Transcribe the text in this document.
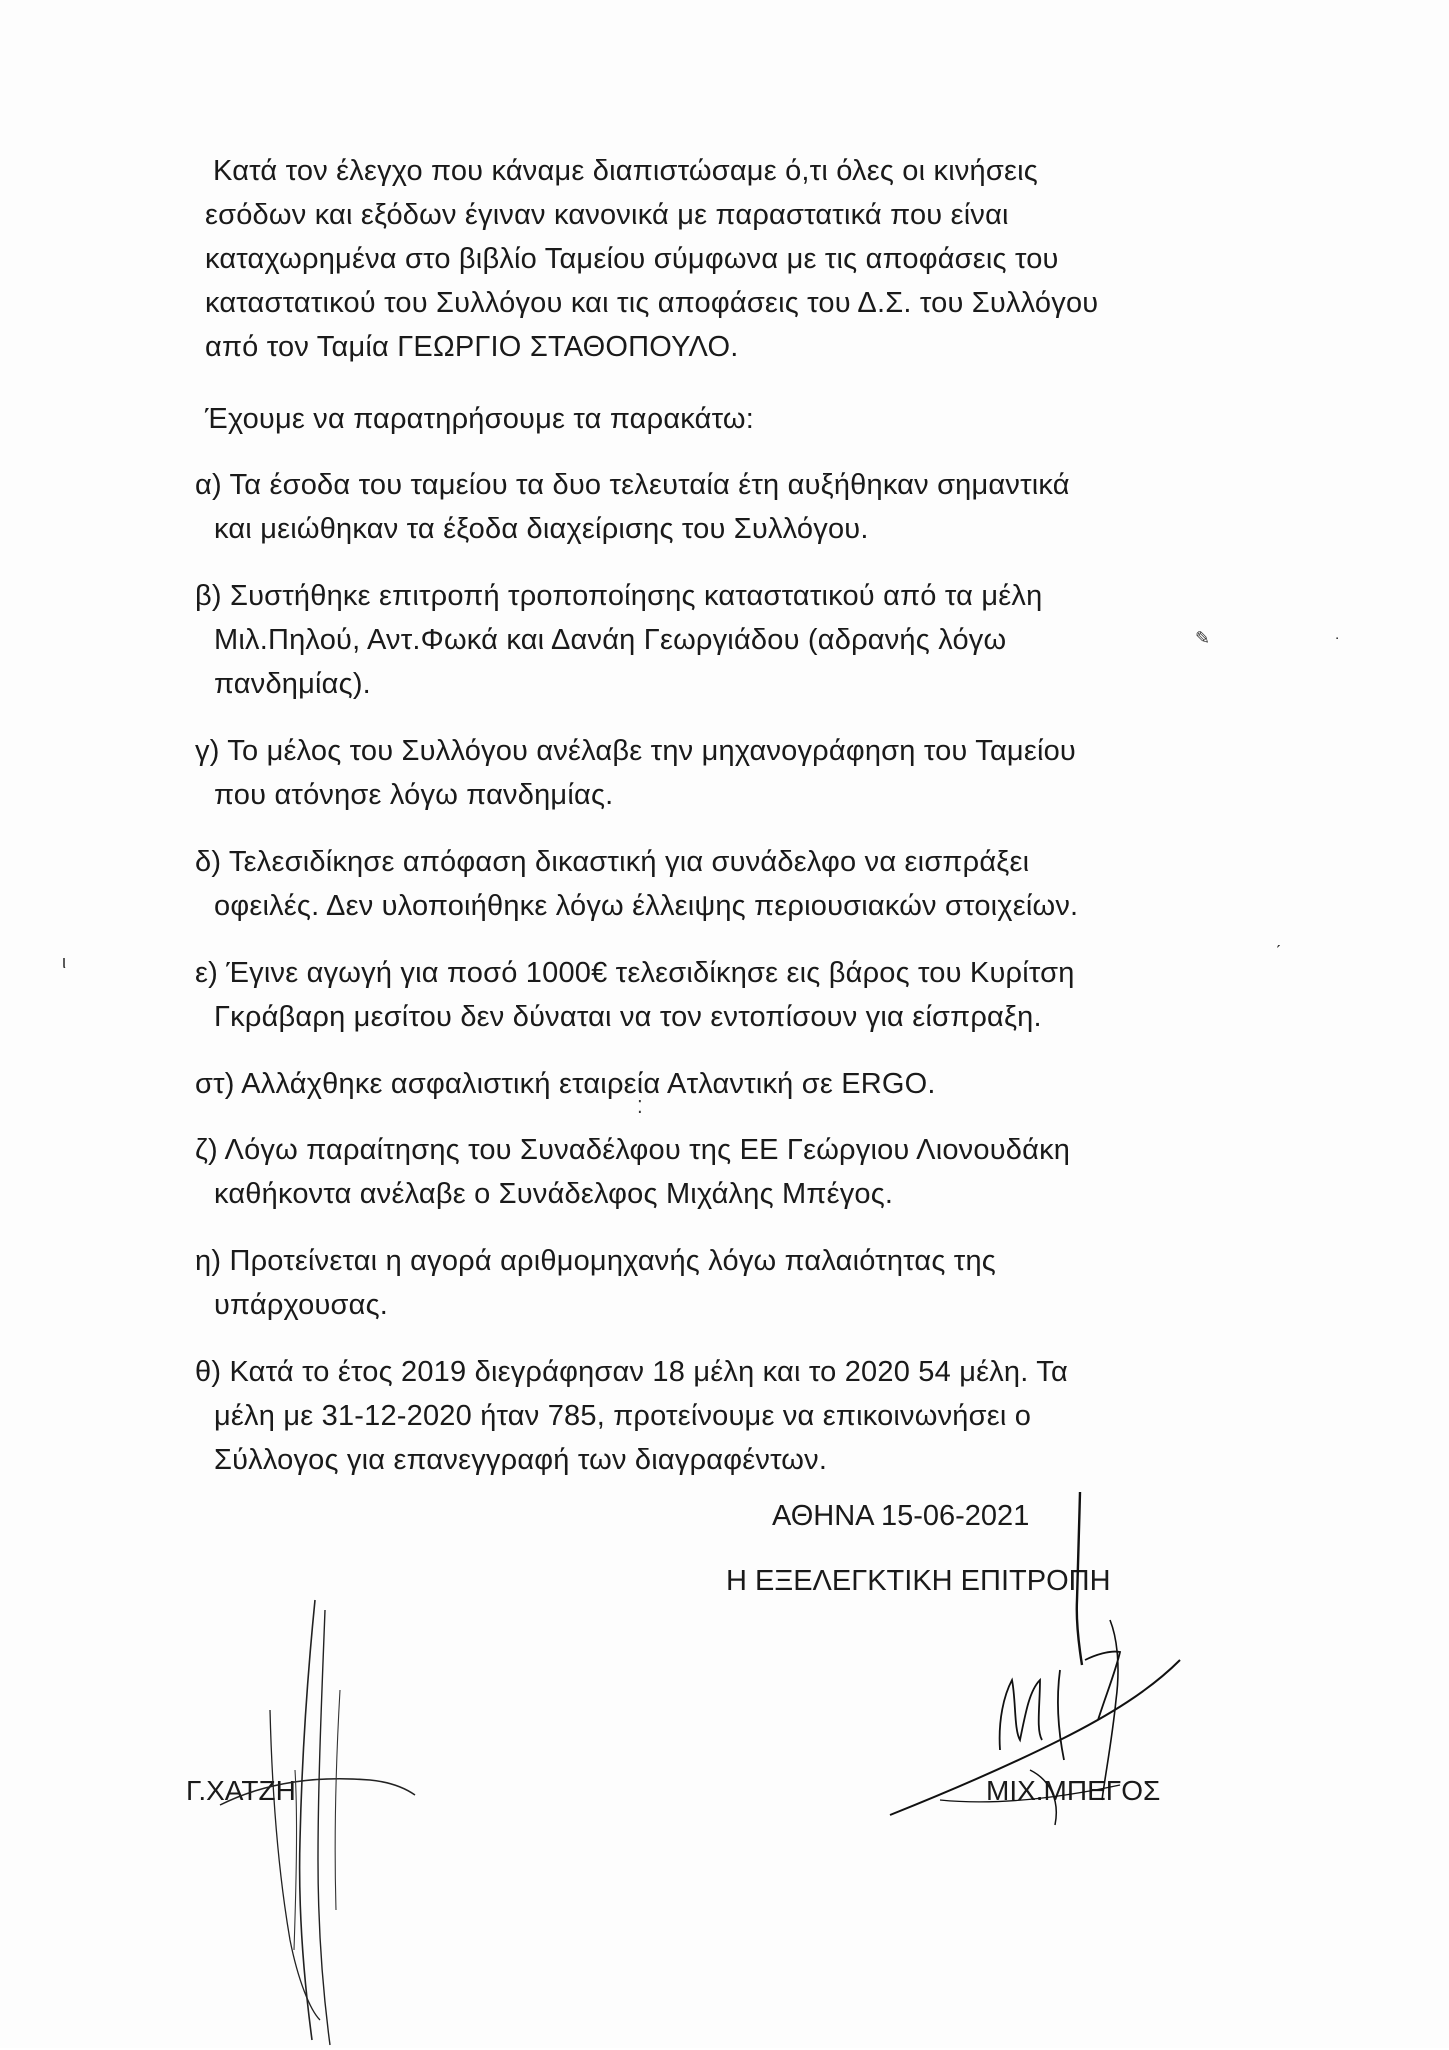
Κατά τον έλεγχο που κάναμε διαπιστώσαμε ό,τι όλες οι κινήσεις
εσόδων και εξόδων έγιναν κανονικά με παραστατικά που είναι
καταχωρημένα στο βιβλίο Ταμείου σύμφωνα με τις αποφάσεις του
καταστατικού του Συλλόγου και τις αποφάσεις του Δ.Σ. του Συλλόγου
από τον Ταμία ΓΕΩΡΓΙΟ ΣΤΑΘΟΠΟΥΛΟ.

Έχουμε να παρατηρήσουμε τα παρακάτω:

α) Τα έσοδα του ταμείου τα δυο τελευταία έτη αυξήθηκαν σημαντικά
και μειώθηκαν τα έξοδα διαχείρισης του Συλλόγου.

β) Συστήθηκε επιτροπή τροποποίησης καταστατικού από τα μέλη
Μιλ.Πηλού, Αντ.Φωκά και Δανάη Γεωργιάδου (αδρανής λόγω
πανδημίας).

γ) Το μέλος του Συλλόγου ανέλαβε την μηχανογράφηση του Ταμείου
που ατόνησε λόγω πανδημίας.

δ) Τελεσιδίκησε απόφαση δικαστική για συνάδελφο να εισπράξει
οφειλές. Δεν υλοποιήθηκε λόγω έλλειψης περιουσιακών στοιχείων.

ε) Έγινε αγωγή για ποσό 1000€ τελεσιδίκησε εις βάρος του Κυρίτση
Γκράβαρη μεσίτου δεν δύναται να τον εντοπίσουν για είσπραξη.

στ) Αλλάχθηκε ασφαλιστική εταιρεία Ατλαντική σε ERGO.

ζ) Λόγω παραίτησης του Συναδέλφου της ΕΕ Γεώργιου Λιονουδάκη
καθήκοντα ανέλαβε ο Συνάδελφος Μιχάλης Μπέγος.

η) Προτείνεται η αγορά αριθμομηχανής λόγω παλαιότητας της
υπάρχουσας.

θ) Κατά το έτος 2019 διεγράφησαν 18 μέλη και το 2020 54 μέλη. Τα
μέλη με 31-12-2020 ήταν 785, προτείνουμε να επικοινωνήσει ο
Σύλλογος για επανεγγραφή των διαγραφέντων.

ΑΘΗΝΑ 15-06-2021
Η ΕΞΕΛΕΓΚΤΙΚΗ ΕΠΙΤΡΟΠΗ
Γ.ΧΑΤΖΗ	ΜΙΧ.ΜΠΕΓΟΣ
✎	˙
ι
ˏ
⁚
